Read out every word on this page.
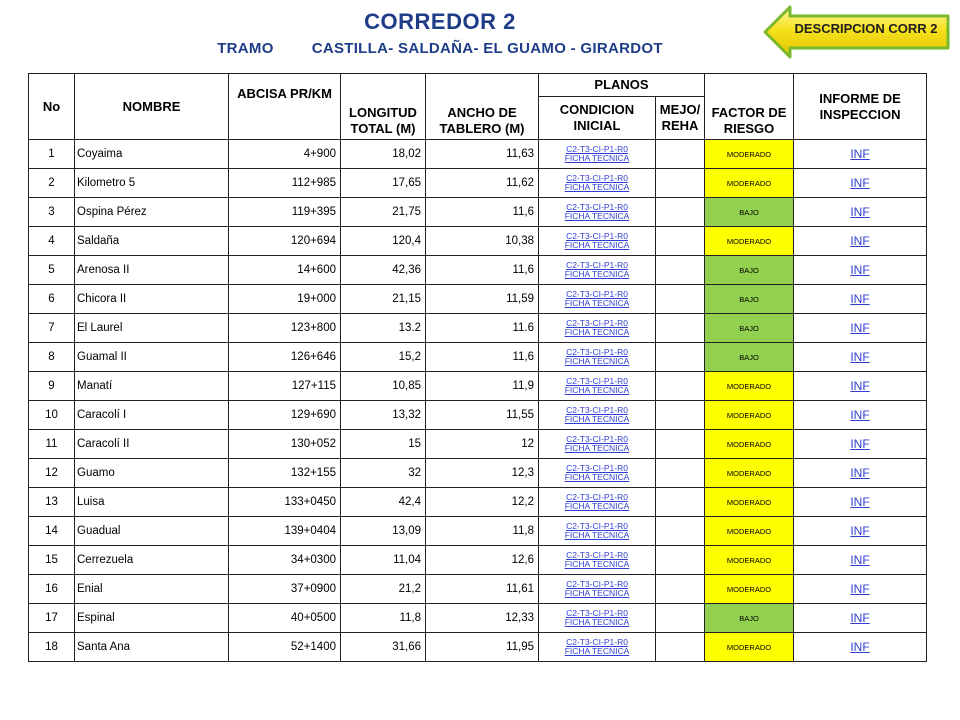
CORREDOR 2
TRAMO	CASTILLA- SALDAÑA- EL GUAMO - GIRARDOT
DESCRIPCION CORR 2
No	NOMBRE	ABCISA PR/KM	LONGITUD TOTAL (M)	ANCHO DE TABLERO (M)	PLANOS		FACTOR DE RIESGO	INFORME DE INSPECCION
					CONDICION INICIAL	MEJO/ REHA		
1	Coyaima	4+900	18,02	11,63	C2-T3-CI-P1-R0
FICHA TECNICA		MODERADO	INF
2	Kilometro 5	112+985	17,65	11,62	C2-T3-CI-P1-R0
FICHA TECNICA		MODERADO	INF
3	Ospina Pérez	119+395	21,75	11,6	C2-T3-CI-P1-R0
FICHA TECNICA		BAJO	INF
4	Saldaña	120+694	120,4	10,38	C2-T3-CI-P1-R0
FICHA TECNICA		MODERADO	INF
5	Arenosa II	14+600	42,36	11,6	C2-T3-CI-P1-R0
FICHA TECNICA		BAJO	INF
6	Chicora II	19+000	21,15	11,59	C2-T3-CI-P1-R0
FICHA TECNICA		BAJO	INF
7	El Laurel	123+800	13.2	11.6	C2-T3-CI-P1-R0
FICHA TECNICA		BAJO	INF
8	Guamal II	126+646	15,2	11,6	C2-T3-CI-P1-R0
FICHA TECNICA		BAJO	INF
9	Manatí	127+115	10,85	11,9	C2-T3-CI-P1-R0
FICHA TECNICA		MODERADO	INF
10	Caracolí I	129+690	13,32	11,55	C2-T3-CI-P1-R0
FICHA TECNICA		MODERADO	INF
11	Caracolí II	130+052	15	12	C2-T3-CI-P1-R0
FICHA TECNICA		MODERADO	INF
12	Guamo	132+155	32	12,3	C2-T3-CI-P1-R0
FICHA TECNICA		MODERADO	INF
13	Luisa	133+0450	42,4	12,2	C2-T3-CI-P1-R0
FICHA TECNICA		MODERADO	INF
14	Guadual	139+0404	13,09	11,8	C2-T3-CI-P1-R0
FICHA TECNICA		MODERADO	INF
15	Cerrezuela	34+0300	11,04	12,6	C2-T3-CI-P1-R0
FICHA TECNICA		MODERADO	INF
16	Enial	37+0900	21,2	11,61	C2-T3-CI-P1-R0
FICHA TECNICA		MODERADO	INF
17	Espinal	40+0500	11,8	12,33	C2-T3-CI-P1-R0
FICHA TECNICA		BAJO	INF
18	Santa Ana	52+1400	31,66	11,95	C2-T3-CI-P1-R0
FICHA TECNICA		MODERADO	INF
